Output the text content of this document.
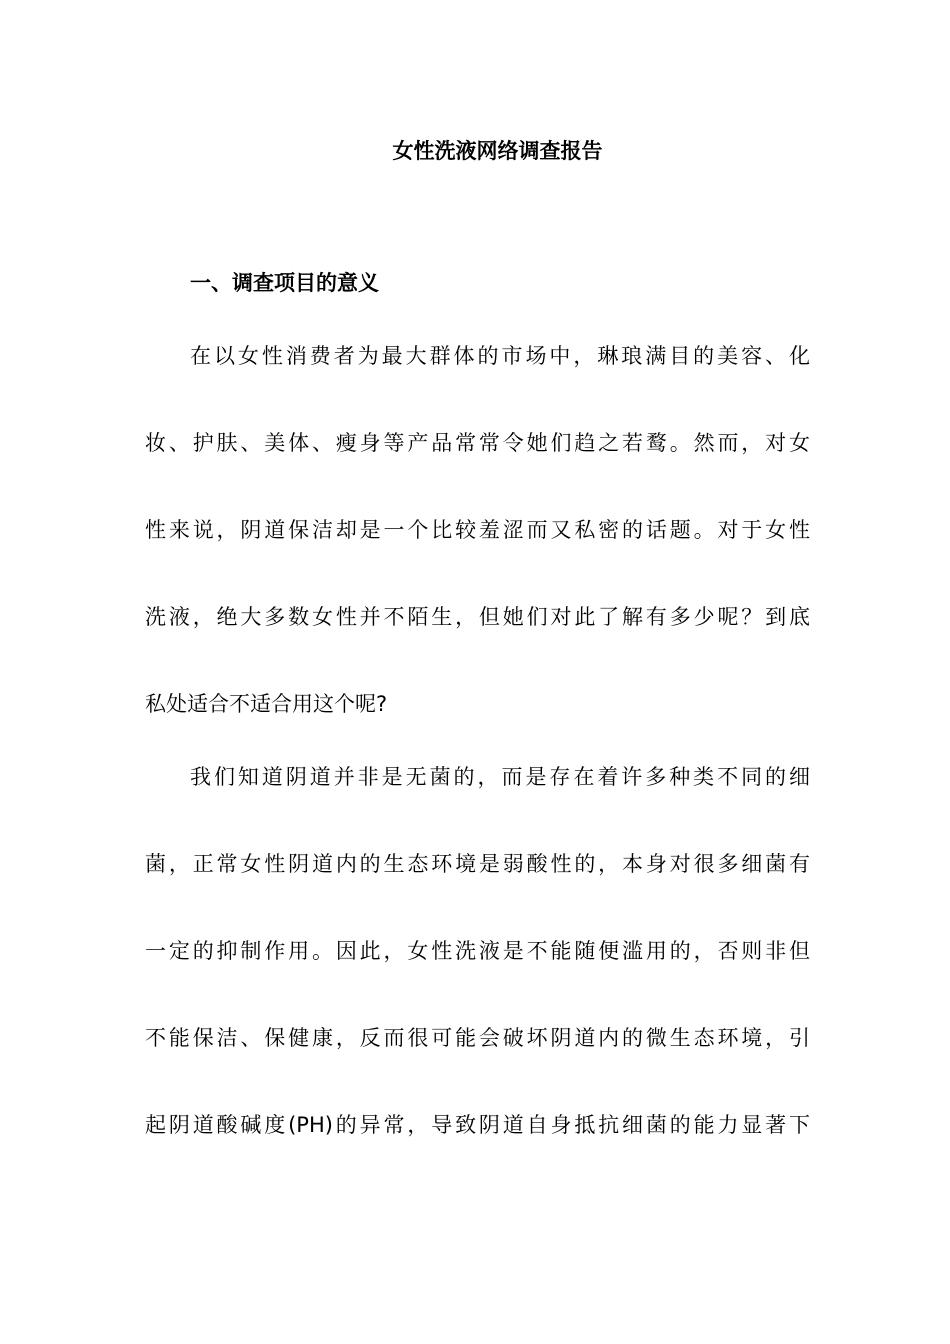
女性洗液网络调查报告
一、调查项目的意义

在以女性消费者为最大群体的市场中，琳琅满目的美容、化

妆、护肤、美体、瘦身等产品常常令她们趋之若鹜。然而，对女

性来说，阴道保洁却是一个比较羞涩而又私密的话题。对于女性

洗液，绝大多数女性并不陌生，但她们对此了解有多少呢？到底

私处适合不适合用这个呢?

我们知道阴道并非是无菌的，而是存在着许多种类不同的细

菌，正常女性阴道内的生态环境是弱酸性的，本身对很多细菌有

一定的抑制作用。因此，女性洗液是不能随便滥用的，否则非但

不能保洁、保健康，反而很可能会破坏阴道内的微生态环境，引

起阴道酸碱度(PH)的异常，导致阴道自身抵抗细菌的能力显著下
